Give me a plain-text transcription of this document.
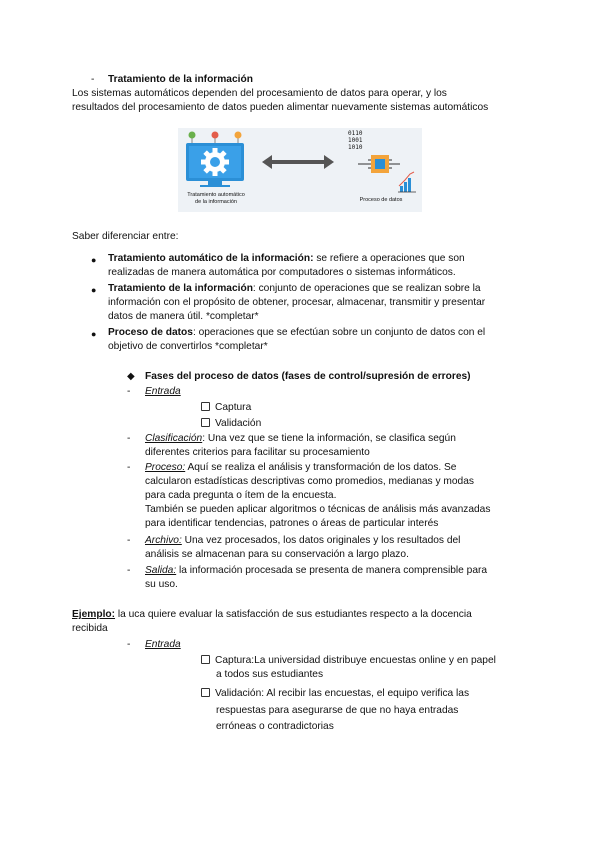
- Tratamiento de la información
Los sistemas automáticos dependen del procesamiento de datos para operar, y los
resultados del procesamiento de datos pueden alimentar nuevamente sistemas automáticos
Tratamiento automático
de la información	Proceso de datos
0110
1001
1010
Saber diferenciar entre:
● Tratamiento automático de la información: se refiere a operaciones que son
realizadas de manera automática por computadores o sistemas informáticos.
● Tratamiento de la información: conjunto de operaciones que se realizan sobre la
información con el propósito de obtener, procesar, almacenar, transmitir y presentar
datos de manera útil. *completar*
● Proceso de datos: operaciones que se efectúan sobre un conjunto de datos con el
objetivo de convertirlos *completar*
◆ Fases del proceso de datos (fases de control/supresión de errores)
- Entrada
Captura
Validación
- Clasificación: Una vez que se tiene la información, se clasifica según
diferentes criterios para facilitar su procesamiento
- Proceso: Aquí se realiza el análisis y transformación de los datos. Se
calcularon estadísticas descriptivas como promedios, medianas y modas
para cada pregunta o ítem de la encuesta.
También se pueden aplicar algoritmos o técnicas de análisis más avanzadas
para identificar tendencias, patrones o áreas de particular interés
- Archivo: Una vez procesados, los datos originales y los resultados del
análisis se almacenan para su conservación a largo plazo.
- Salida: la información procesada se presenta de manera comprensible para
su uso.
Ejemplo: la uca quiere evaluar la satisfacción de sus estudiantes respecto a la docencia
recibida
- Entrada
Captura:La universidad distribuye encuestas online y en papel
a todos sus estudiantes
Validación: Al recibir las encuestas, el equipo verifica las
respuestas para asegurarse de que no haya entradas
erróneas o contradictorias
